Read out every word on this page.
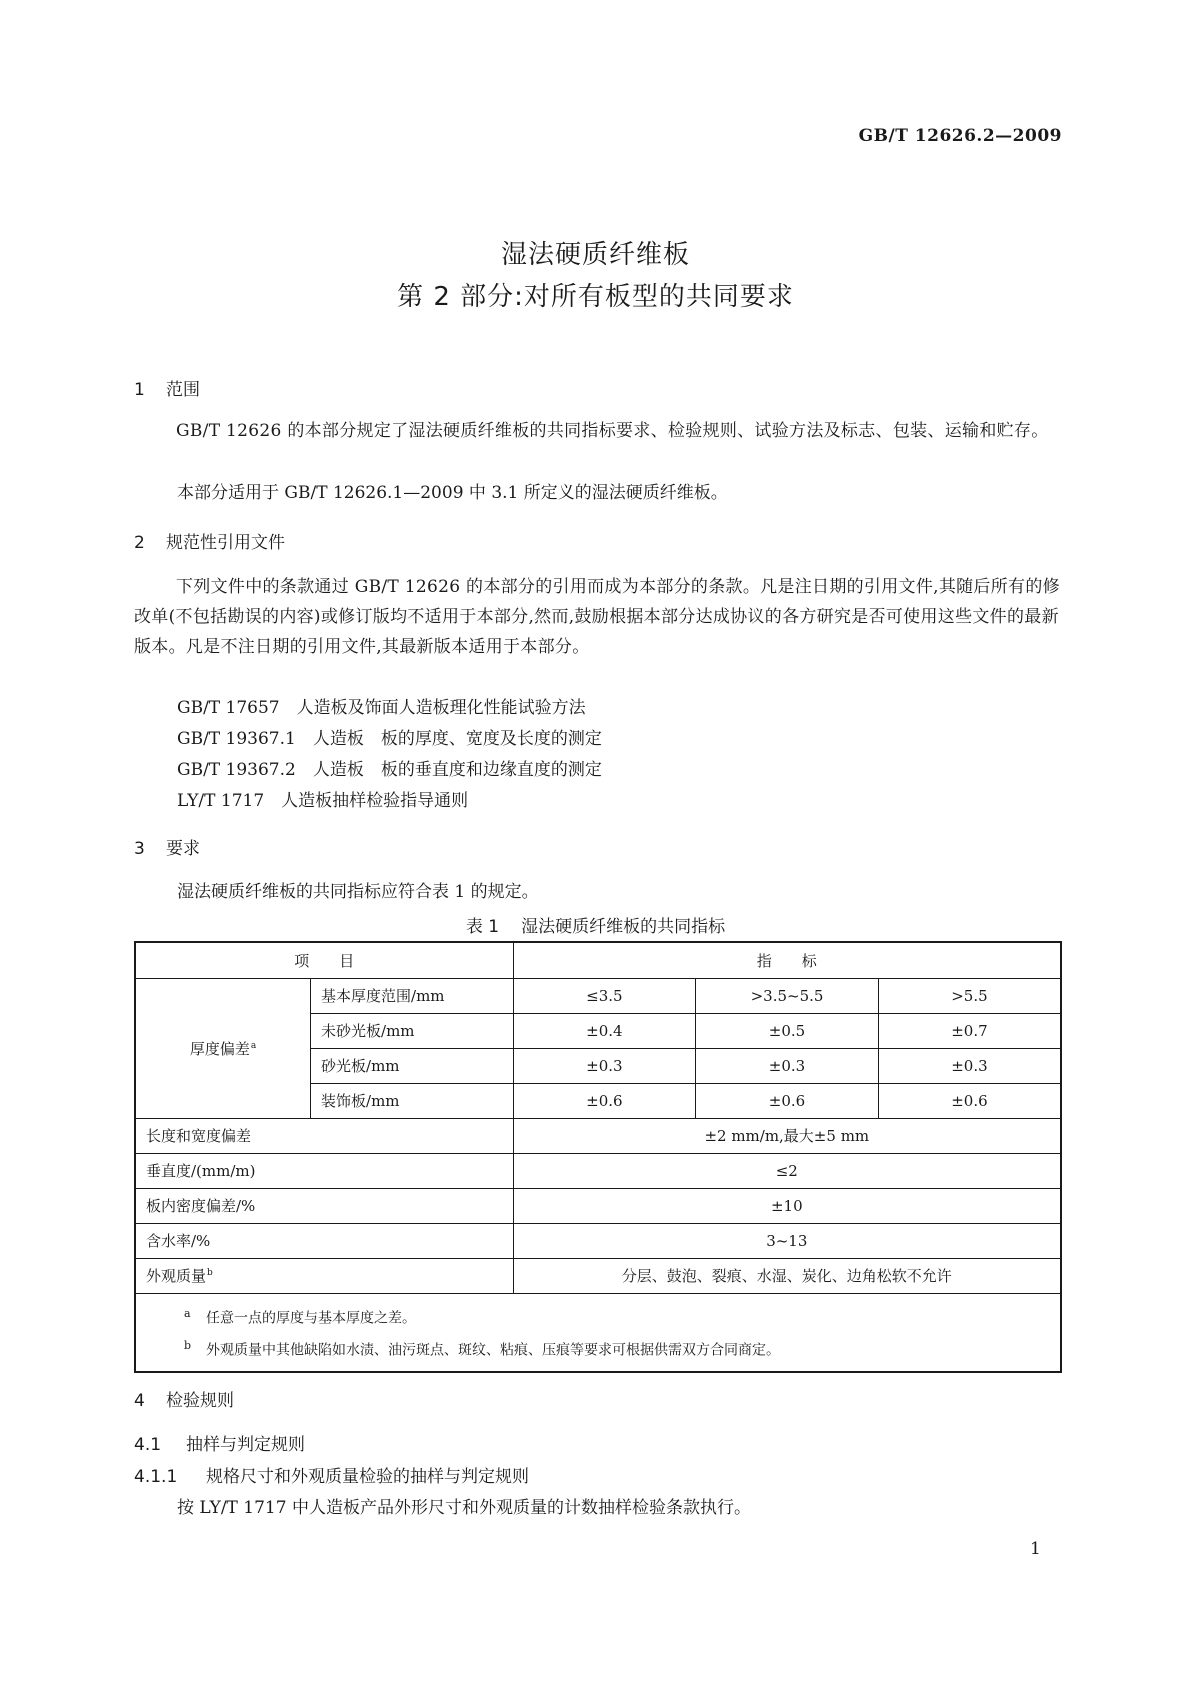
GB/T 12626.2—2009
湿法硬质纤维板
第 2 部分:对所有板型的共同要求
1 范围
GB/T 12626 的本部分规定了湿法硬质纤维板的共同指标要求、检验规则、试验方法及标志、包装、运输和贮存。
本部分适用于 GB/T 12626.1—2009 中 3.1 所定义的湿法硬质纤维板。
2 规范性引用文件
下列文件中的条款通过 GB/T 12626 的本部分的引用而成为本部分的条款。凡是注日期的引用文件,其随后所有的修改单(不包括勘误的内容)或修订版均不适用于本部分,然而,鼓励根据本部分达成协议的各方研究是否可使用这些文件的最新版本。凡是不注日期的引用文件,其最新版本适用于本部分。
GB/T 17657　人造板及饰面人造板理化性能试验方法
GB/T 19367.1　人造板　板的厚度、宽度及长度的测定
GB/T 19367.2　人造板　板的垂直度和边缘直度的测定
LY/T 1717　人造板抽样检验指导通则
3 要求
湿法硬质纤维板的共同指标应符合表 1 的规定。
表 1 湿法硬质纤维板的共同指标
项　　目		指　　标		
厚度偏差$^a$	基本厚度范围/mm	≤3.5	>3.5~5.5	>5.5
	未砂光板/mm	±0.4	±0.5	±0.7
	砂光板/mm	±0.3	±0.3	±0.3
	装饰板/mm	±0.6	±0.6	±0.6
长度和宽度偏差		±2 mm/m,最大±5 mm		
垂直度/(mm/m)		≤2		
板内密度偏差/%		±10		
含水率/%		3~13		
外观质量$^b$		分层、鼓泡、裂痕、水湿、炭化、边角松软不允许		

a 任意一点的厚度与基本厚度之差。
b 外观质量中其他缺陷如水渍、油污斑点、斑纹、粘痕、压痕等要求可根据供需双方合同商定。				
4 检验规则
4.1 抽样与判定规则
4.1.1 规格尺寸和外观质量检验的抽样与判定规则
按 LY/T 1717 中人造板产品外形尺寸和外观质量的计数抽样检验条款执行。
1
